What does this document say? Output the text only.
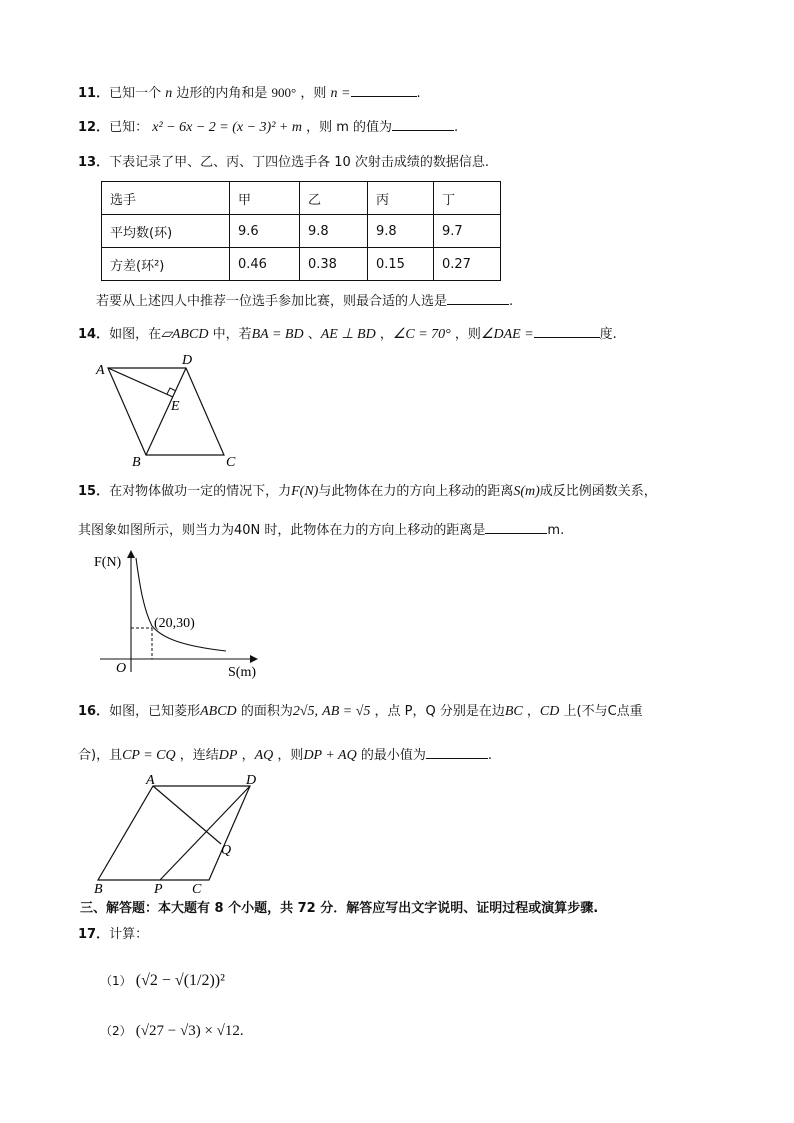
11．已知一个 n 边形的内角和是 900° ，则 n =	.
12．已知： x² − 6x − 2 = (x − 3)² + m ，则 m 的值为	.
13．下表记录了甲、乙、丙、丁四位选手各 10 次射击成绩的数据信息.
选手	甲	乙	丙	丁
平均数(环)	9.6	9.8	9.8	9.7
方差(环²)	0.46	0.38	0.15	0.27
若要从上述四人中推荐一位选手参加比赛，则最合适的人选是	.
14．如图，在▱ABCD 中，若BA = BD 、AE ⊥ BD ，∠C = 70° ，则∠DAE =	度.
A
D
E
B	C
15．在对物体做功一定的情况下，力F(N)与此物体在力的方向上移动的距离S(m)成反比例函数关系，
其图象如图所示，则当力为40N 时，此物体在力的方向上移动的距离是	m.
F(N)
S(m)
O
(20,30)
16．如图，已知菱形ABCD 的面积为2√5, AB = √5 ，点 P，Q 分别是在边BC ，CD 上(不与C点重
合)，且CP = CQ ，连结DP ，AQ ，则DP + AQ 的最小值为	.
A	D
Q
B	P C
三、解答题：本大题有 8 个小题，共 72 分．解答应写出文字说明、证明过程或演算步骤.
17．计算：
（1） (√2 − √(1/2))²
（2） (√27 − √3) × √12.
